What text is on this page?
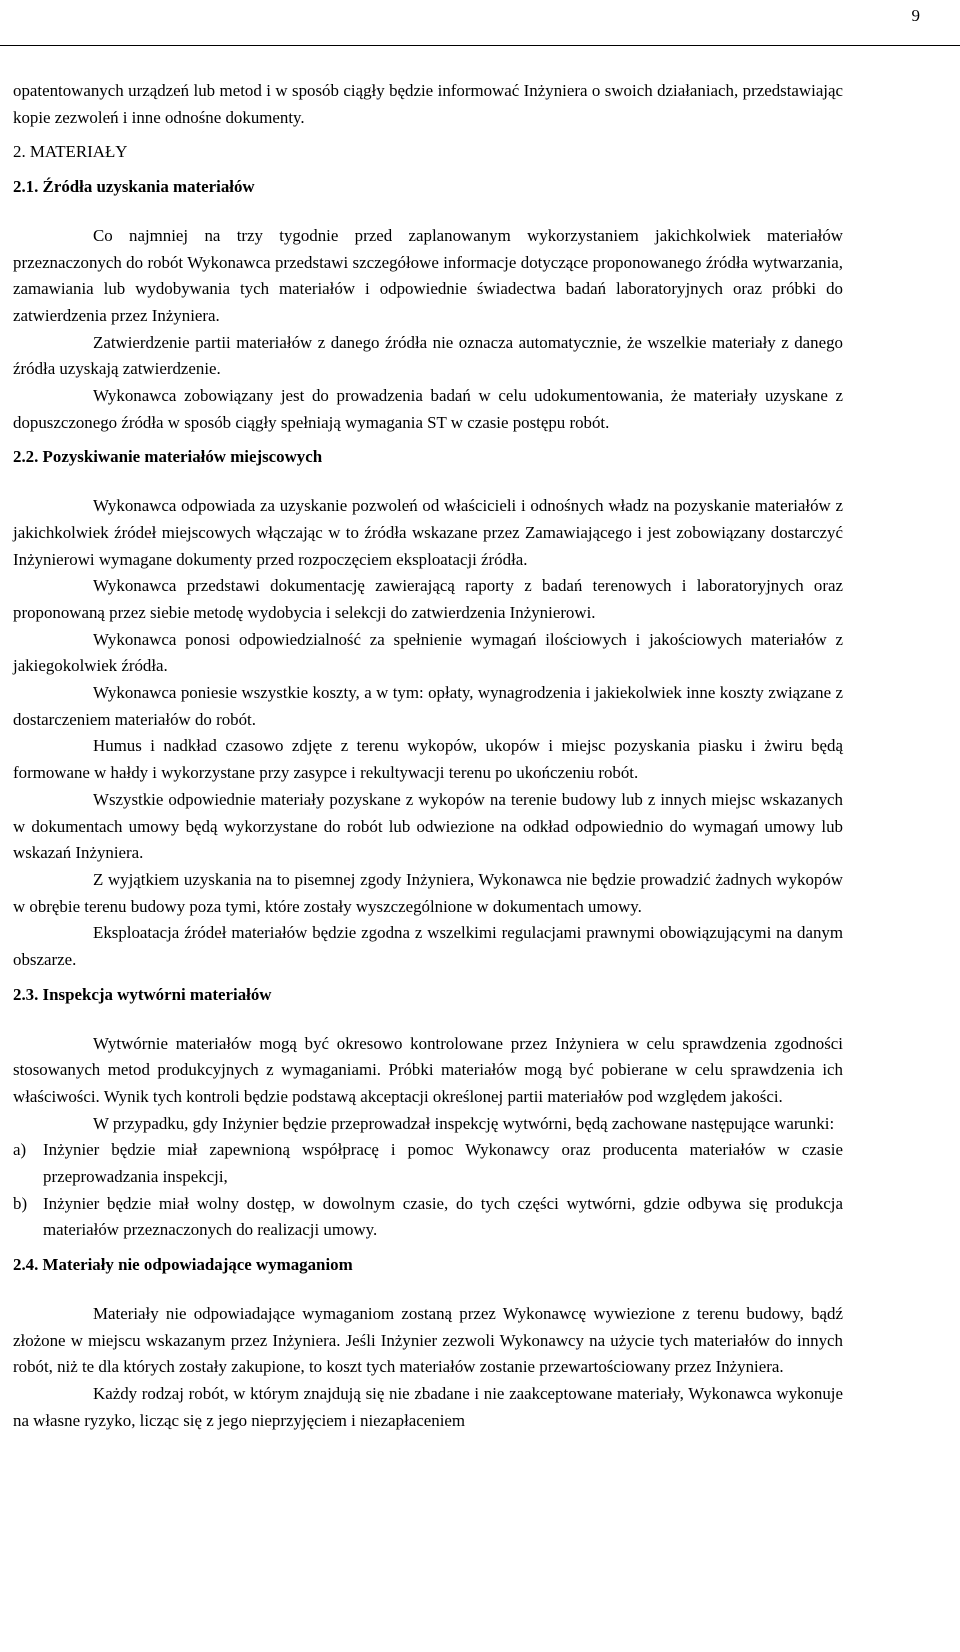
9

opatentowanych urządzeń lub metod i w sposób ciągły będzie informować Inżyniera o swoich działaniach, przedstawiając kopie zezwoleń i inne odnośne dokumenty.

2. MATERIAŁY
2.1. Źródła uzyskania materiałów

Co najmniej na trzy tygodnie przed zaplanowanym wykorzystaniem jakichkolwiek materiałów przeznaczonych do robót Wykonawca przedstawi szczegółowe informacje dotyczące proponowanego źródła wytwarzania, zamawiania lub wydobywania tych materiałów i odpowiednie świadectwa badań laboratoryjnych oraz próbki do zatwierdzenia przez Inżyniera.

Zatwierdzenie partii materiałów z danego źródła nie oznacza automatycznie, że wszelkie materiały z danego źródła uzyskają zatwierdzenie.

Wykonawca zobowiązany jest do prowadzenia badań w celu udokumentowania, że materiały uzyskane z dopuszczonego źródła w sposób ciągły spełniają wymagania ST w czasie postępu robót.

2.2. Pozyskiwanie materiałów miejscowych

Wykonawca odpowiada za uzyskanie pozwoleń od właścicieli i odnośnych władz na pozyskanie materiałów z jakichkolwiek źródeł miejscowych włączając w to źródła wskazane przez Zamawiającego i jest zobowiązany dostarczyć Inżynierowi wymagane dokumenty przed rozpoczęciem eksploatacji źródła.

Wykonawca przedstawi dokumentację zawierającą raporty z badań terenowych i laboratoryjnych oraz proponowaną przez siebie metodę wydobycia i selekcji do zatwierdzenia Inżynierowi.

Wykonawca ponosi odpowiedzialność za spełnienie wymagań ilościowych i jakościowych materiałów z jakiegokolwiek źródła.

Wykonawca poniesie wszystkie koszty, a w tym: opłaty, wynagrodzenia i jakiekolwiek inne koszty związane z dostarczeniem materiałów do robót.

Humus i nadkład czasowo zdjęte z terenu wykopów, ukopów i miejsc pozyskania piasku i żwiru będą formowane w hałdy i wykorzystane przy zasypce i rekultywacji terenu po ukończeniu robót.

Wszystkie odpowiednie materiały pozyskane z wykopów na terenie budowy lub z innych miejsc wskazanych w dokumentach umowy będą wykorzystane do robót lub odwiezione na odkład odpowiednio do wymagań umowy lub wskazań Inżyniera.

Z wyjątkiem uzyskania na to pisemnej zgody Inżyniera, Wykonawca nie będzie prowadzić żadnych wykopów w obrębie terenu budowy poza tymi, które zostały wyszczególnione w dokumentach umowy.

Eksploatacja źródeł materiałów będzie zgodna z wszelkimi regulacjami prawnymi obowiązującymi na danym obszarze.

2.3. Inspekcja wytwórni materiałów

Wytwórnie materiałów mogą być okresowo kontrolowane przez Inżyniera w celu sprawdzenia zgodności stosowanych metod produkcyjnych z wymaganiami. Próbki materiałów mogą być pobierane w celu sprawdzenia ich właściwości. Wynik tych kontroli będzie podstawą akceptacji określonej partii materiałów pod względem jakości.

W przypadku, gdy Inżynier będzie przeprowadzał inspekcję wytwórni, będą zachowane następujące warunki:

a) Inżynier będzie miał zapewnioną współpracę i pomoc Wykonawcy oraz producenta materiałów w czasie przeprowadzania inspekcji,
b) Inżynier będzie miał wolny dostęp, w dowolnym czasie, do tych części wytwórni, gdzie odbywa się produkcja materiałów przeznaczonych do realizacji umowy.
2.4. Materiały nie odpowiadające wymaganiom

Materiały nie odpowiadające wymaganiom zostaną przez Wykonawcę wywiezione z terenu budowy, bądź złożone w miejscu wskazanym przez Inżyniera. Jeśli Inżynier zezwoli Wykonawcy na użycie tych materiałów do innych robót, niż te dla których zostały zakupione, to koszt tych materiałów zostanie przewartościowany przez Inżyniera.

Każdy rodzaj robót, w którym znajdują się nie zbadane i nie zaakceptowane materiały, Wykonawca wykonuje na własne ryzyko, licząc się z jego nieprzyjęciem i niezapłaceniem
